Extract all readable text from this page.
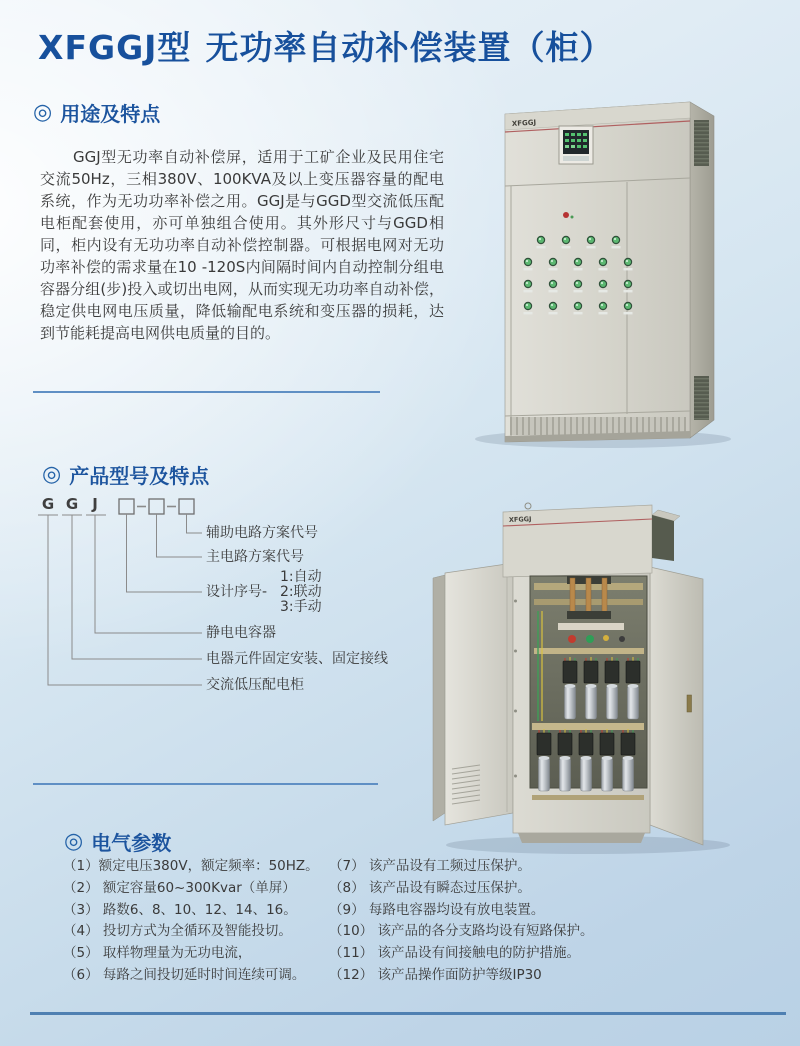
XFGGJ型 无功率自动补偿装置（柜）
◎ 用途及特点

GGJ型无功率自动补偿屏，适用于工矿企业及民用住宅交流50Hz，三相380V、100KVA及以上变压器容量的配电系统，作为无功功率补偿之用。GGJ是与GGD型交流低压配电柜配套使用，亦可单独组合使用。其外形尺寸与GGD相同，柜内设有无功功率自动补偿控制器。可根据电网对无功功率补偿的需求量在10 -120S内间隔时间内自动控制分组电容器分组(步)投入或切出电网，从而实现无功功率自动补偿，稳定供电网电压质量，降低输配电系统和变压器的损耗，达到节能耗提高电网供电质量的目的。

XFGGJ
◎ 产品型号及特点
G G J
辅助电路方案代号
主电路方案代号
1:自动
设计序号- 2:联动
3:手动
静电电容器
电器元件固定安装、固定接线
交流低压配电柜
XFGGJ
◎ 电气参数
（1）额定电压380V，额定频率：50HZ。
（2） 额定容量60~300Kvar（单屏）
（3） 路数6、8、10、12、14、16。
（4） 投切方式为全循环及智能投切。
（5） 取样物理量为无功电流，
（6） 每路之间投切延时时间连续可调。
（7） 该产品设有工频过压保护。
（8） 该产品设有瞬态过压保护。
（9） 每路电容器均设有放电装置。
（10） 该产品的各分支路均设有短路保护。
（11） 该产品设有间接触电的防护措施。
（12） 该产品操作面防护等级IP30
